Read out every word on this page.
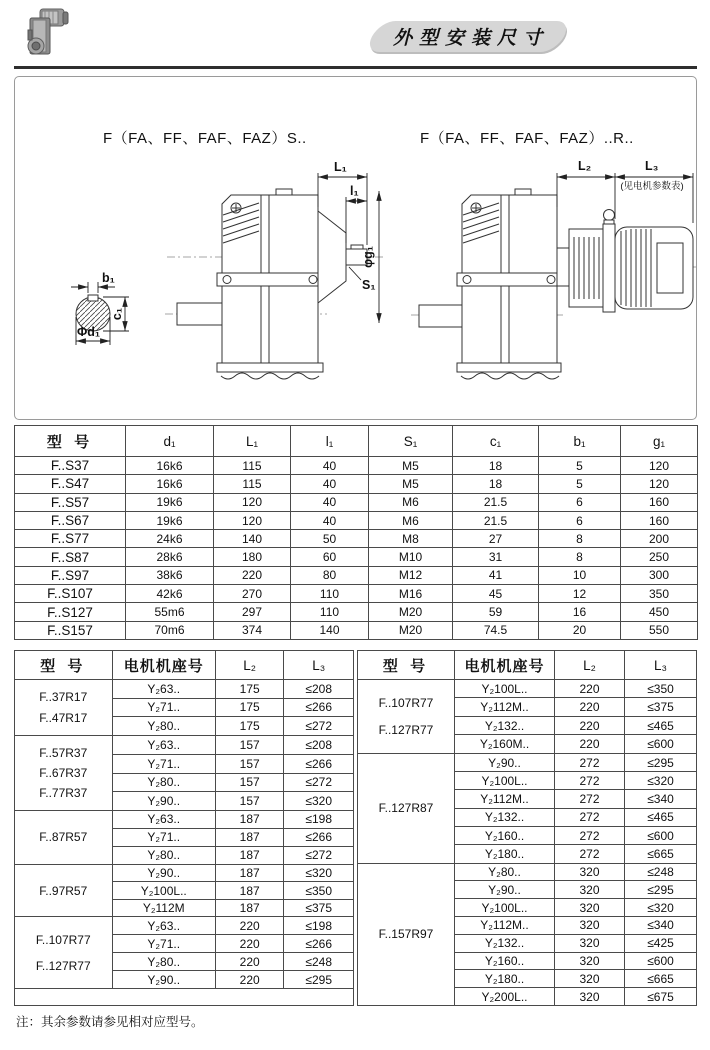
外型安装尺寸
F（FA、FF、FAF、FAZ）S..
L₁
l₁
φg₁
S₁
b₁
c₁
Φd₁
F（FA、FF、FAF、FAZ）..R..
L₂	L₃
(见电机参数表)
型 号	d₁	L₁	l₁	S₁	c₁	b₁	g₁
F..S37	16k6	115	40	M5	18	5	120
F..S47	16k6	115	40	M5	18	5	120
F..S57	19k6	120	40	M6	21.5	6	160
F..S67	19k6	120	40	M6	21.5	6	160
F..S77	24k6	140	50	M8	27	8	200
F..S87	28k6	180	60	M10	31	8	250
F..S97	38k6	220	80	M12	41	10	300
F..S107	42k6	270	110	M16	45	12	350
F..S127	55m6	297	110	M20	59	16	450
F..S157	70m6	374	140	M20	74.5	20	550
型 号	电机机座号	L₂	L₃

F..37R17
F..47R17	Y₂63..	175	≤208
	Y₂71..	175	≤266
	Y₂80..	175	≤272

F..57R37
F..67R37
F..77R37	Y₂63..	157	≤208
	Y₂71..	157	≤266
	Y₂80..	157	≤272
	Y₂90..	157	≤320

F..87R57	Y₂63..	187	≤198
	Y₂71..	187	≤266
	Y₂80..	187	≤272

F..97R57	Y₂90..	187	≤320
	Y₂100L..	187	≤350
	Y₂112M	187	≤375

F..107R77
F..127R77	Y₂63..	220	≤198
	Y₂71..	220	≤266
	Y₂80..	220	≤248
	Y₂90..	220	≤295

型 号	电机机座号	L₂	L₃

F..107R77
F..127R77	Y₂100L..	220	≤350
	Y₂112M..	220	≤375
	Y₂132..	220	≤465
	Y₂160M..	220	≤600

F..127R87	Y₂90..	272	≤295
	Y₂100L..	272	≤320
	Y₂112M..	272	≤340
	Y₂132..	272	≤465
	Y₂160..	272	≤600
	Y₂180..	272	≤665

F..157R97	Y₂80..	320	≤248
	Y₂90..	320	≤295
	Y₂100L..	320	≤320
	Y₂112M..	320	≤340
	Y₂132..	320	≤425
	Y₂160..	320	≤600
	Y₂180..	320	≤665
	Y₂200L..	320	≤675
注：其余参数请参见相对应型号。
